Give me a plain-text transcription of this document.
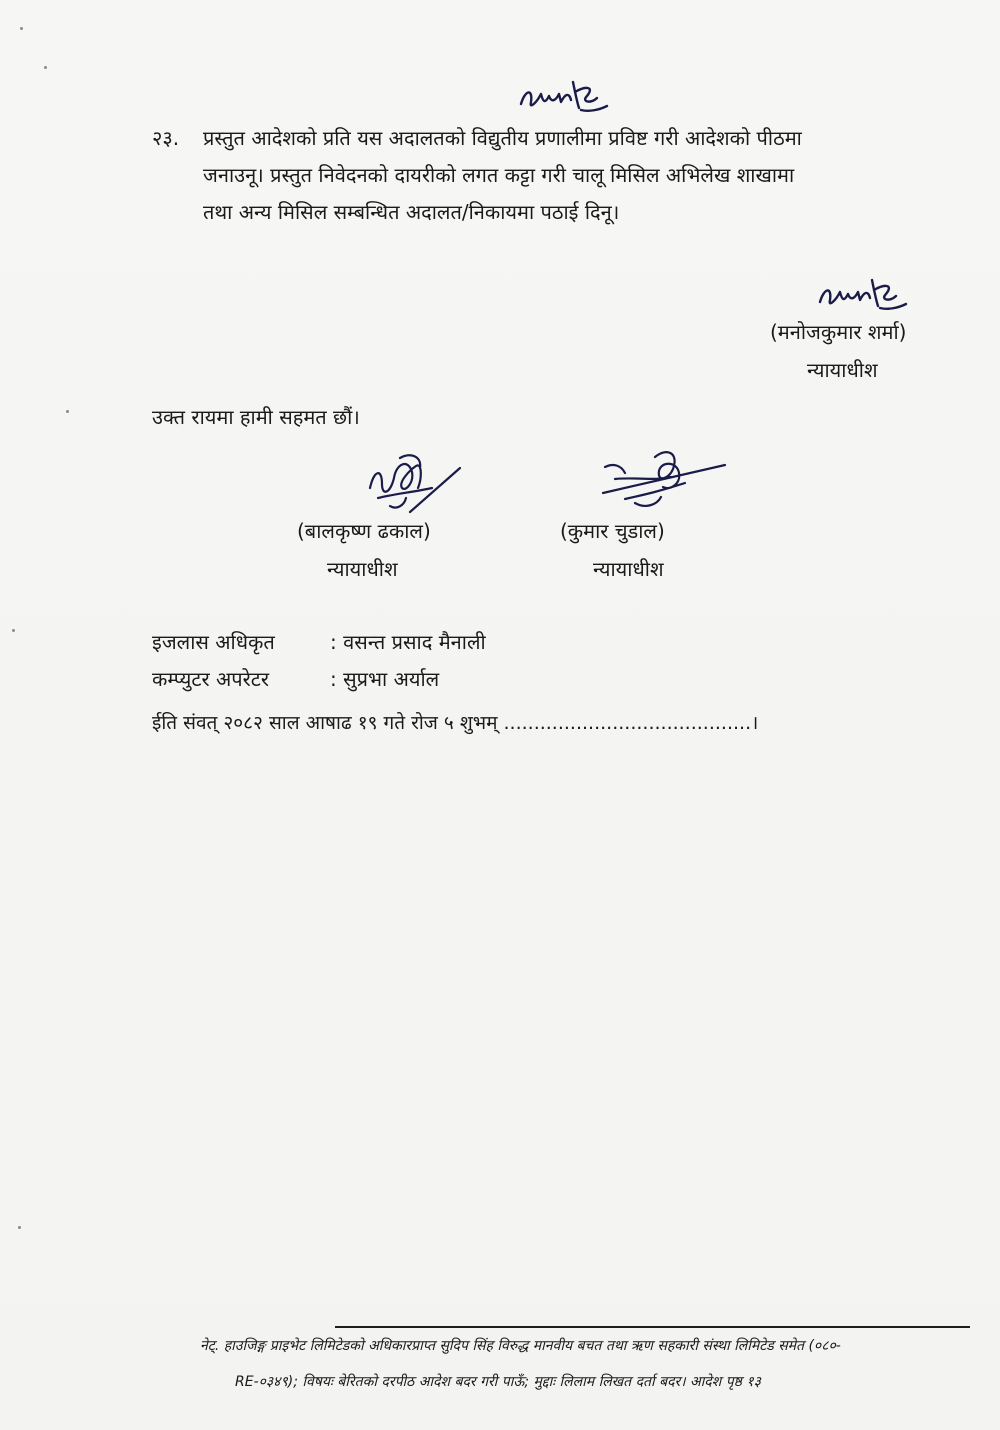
२३. प्रस्तुत आदेशको प्रति यस अदालतको विद्युतीय प्रणालीमा प्रविष्ट गरी आदेशको पीठमा
जनाउनू। प्रस्तुत निवेदनको दायरीको लगत कट्टा गरी चालू मिसिल अभिलेख शाखामा
तथा अन्य मिसिल सम्बन्धित अदालत/निकायमा पठाई दिनू।
(मनोजकुमार शर्मा)
न्यायाधीश
उक्त रायमा हामी सहमत छौं।
(बालकृष्ण ढकाल)
न्यायाधीश
(कुमार चुडाल)
न्यायाधीश
इजलास अधिकृत	: वसन्त प्रसाद मैनाली
कम्प्युटर अपरेटर	: सुप्रभा अर्याल
ईति संवत् २०८२ साल आषाढ १९ गते रोज ५ शुभम् .........................................।
नेट्. हाउजिङ्ग प्राइभेट लिमिटेडको अधिकारप्राप्त सुदिप सिंह विरुद्ध मानवीय बचत तथा ऋण सहकारी संस्था लिमिटेड समेत (०८०-
RE-०३४९); विषयः बेरितको दरपीठ आदेश बदर गरी पाऊँ; मुद्दाः लिलाम लिखत दर्ता बदर। आदेश पृष्ठ १३
